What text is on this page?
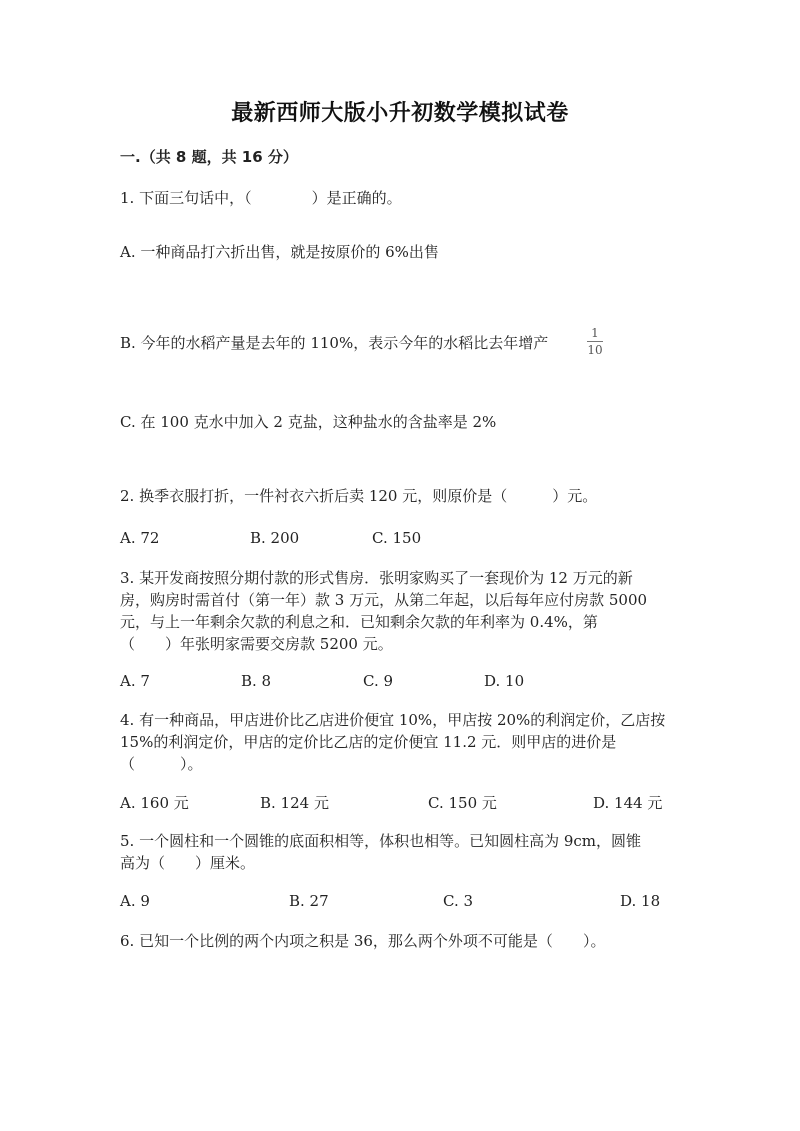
最新西师大版小升初数学模拟试卷
一.（共 8 题，共 16 分）
1. 下面三句话中，（　　　　）是正确的。
A. 一种商品打六折出售，就是按原价的 6%出售
B. 今年的水稻产量是去年的 110%，表示今年的水稻比去年增产
1
10
C. 在 100 克水中加入 2 克盐，这种盐水的含盐率是 2%
2. 换季衣服打折，一件衬衣六折后卖 120 元，则原价是（　　　）元。
A. 72	B. 200	C. 150
3. 某开发商按照分期付款的形式售房．张明家购买了一套现价为 12 万元的新
房，购房时需首付（第一年）款 3 万元，从第二年起，以后每年应付房款 5000
元，与上一年剩余欠款的利息之和．已知剩余欠款的年利率为 0.4%，第
（　　）年张明家需要交房款 5200 元。
A. 7	B. 8	C. 9	D. 10
4. 有一种商品，甲店进价比乙店进价便宜 10%，甲店按 20%的利润定价，乙店按
15%的利润定价，甲店的定价比乙店的定价便宜 11.2 元．则甲店的进价是
（　　　）。
A. 160 元	B. 124 元	C. 150 元	D. 144 元
5. 一个圆柱和一个圆锥的底面积相等，体积也相等。已知圆柱高为 9cm，圆锥
高为（　　）厘米。
A. 9	B. 27	C. 3	D. 18
6. 已知一个比例的两个内项之积是 36，那么两个外项不可能是（　　）。
